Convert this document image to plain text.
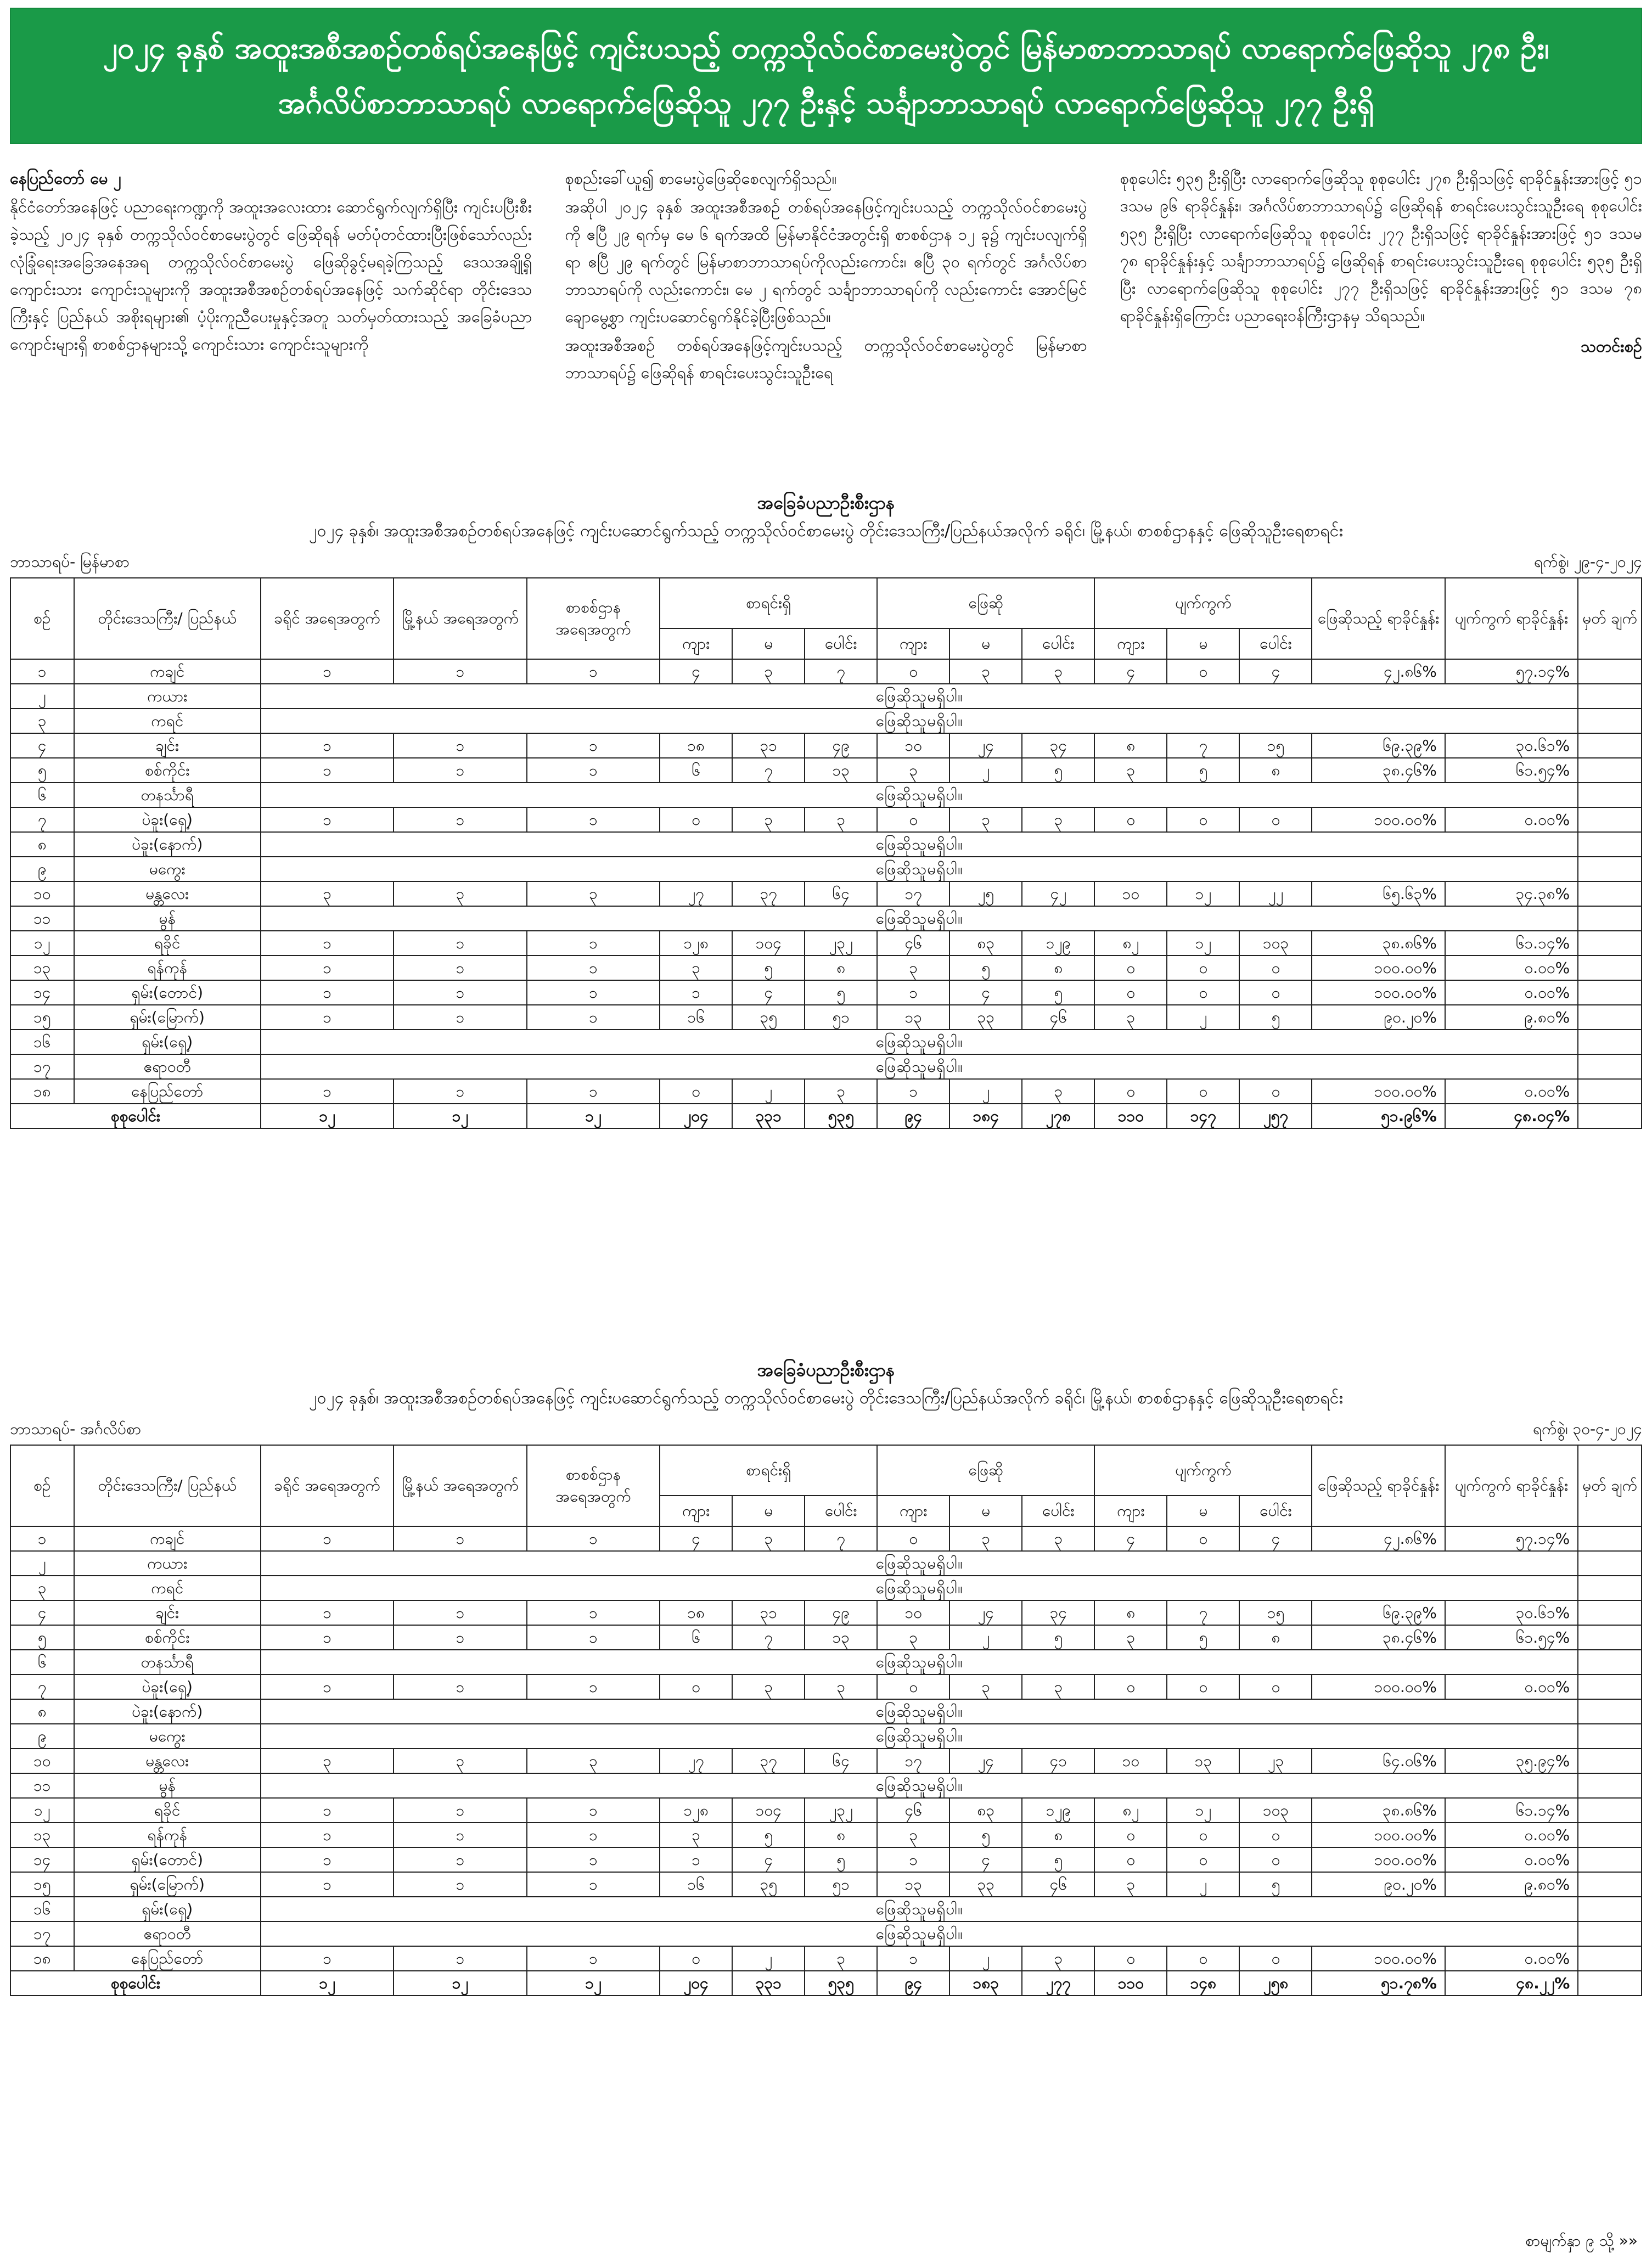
၂၀၂၄ ခုနှစ် အထူးအစီအစဉ်တစ်ရပ်အနေဖြင့် ကျင်းပသည့် တက္ကသိုလ်ဝင်စာမေးပွဲတွင် မြန်မာစာဘာသာရပ် လာရောက်ဖြေဆိုသူ ၂၇၈ ဦး၊
အင်္ဂလိပ်စာဘာသာရပ် လာရောက်ဖြေဆိုသူ ၂၇၇ ဦးနှင့် သင်္ချာဘာသာရပ် လာရောက်ဖြေဆိုသူ ၂၇၇ ဦးရှိ

နေပြည်တော် မေ ၂

နိုင်ငံတော်အနေဖြင့် ပညာရေးကဏ္ဍကို အထူးအလေးထား ဆောင်ရွက်လျက်ရှိပြီး ကျင်းပပြီးစီးခဲ့သည့် ၂၀၂၄ ခုနှစ် တက္ကသိုလ်ဝင်စာမေးပွဲတွင် ဖြေဆိုရန် မတ်ပုံတင်ထားပြီးဖြစ်သော်လည်း လုံခြုံရေးအခြေအနေအရ တက္ကသိုလ်ဝင်စာမေးပွဲ ဖြေဆိုခွင့်မရခဲ့ကြသည့် ဒေသအချို့ရှိ ကျောင်းသား ကျောင်းသူများကို အထူးအစီအစဉ်တစ်ရပ်အနေဖြင့် သက်ဆိုင်ရာ တိုင်းဒေသကြီးနှင့် ပြည်နယ် အစိုးရများ၏ ပံ့ပိုးကူညီပေးမှုနှင့်အတူ သတ်မှတ်ထားသည့် အခြေခံပညာ ကျောင်းများရှိ စာစစ်ဌာနများသို့ ကျောင်းသား ကျောင်းသူများကို

စုစည်းခေါ်ယူ၍ စာမေးပွဲဖြေဆိုစေလျက်ရှိသည်။

အဆိုပါ ၂၀၂၄ ခုနှစ် အထူးအစီအစဉ် တစ်ရပ်အနေဖြင့်ကျင်းပသည့် တက္ကသိုလ်ဝင်စာမေးပွဲကို ဧပြီ ၂၉ ရက်မှ မေ ၆ ရက်အထိ မြန်မာနိုင်ငံအတွင်းရှိ စာစစ်ဌာန ၁၂ ခု၌ ကျင်းပလျက်ရှိရာ ဧပြီ ၂၉ ရက်တွင် မြန်မာစာဘာသာရပ်ကိုလည်းကောင်း၊ ဧပြီ ၃၀ ရက်တွင် အင်္ဂလိပ်စာဘာသာရပ်ကို လည်းကောင်း၊ မေ ၂ ရက်တွင် သင်္ချာဘာသာရပ်ကို လည်းကောင်း အောင်မြင်ချောမွေ့စွာ ကျင်းပဆောင်ရွက်နိုင်ခဲ့ပြီးဖြစ်သည်။

အထူးအစီအစဉ် တစ်ရပ်အနေဖြင့်ကျင်းပသည့် တက္ကသိုလ်ဝင်စာမေးပွဲတွင် မြန်မာစာဘာသာရပ်၌ ဖြေဆိုရန် စာရင်းပေးသွင်းသူဦးရေ

စုစုပေါင်း ၅၃၅ ဦးရှိပြီး လာရောက်ဖြေဆိုသူ စုစုပေါင်း ၂၇၈ ဦးရှိသဖြင့် ရာခိုင်နှုန်းအားဖြင့် ၅၁ ဒသမ ၉၆ ရာခိုင်နှုန်း၊ အင်္ဂလိပ်စာဘာသာရပ်၌ ဖြေဆိုရန် စာရင်းပေးသွင်းသူဦးရေ စုစုပေါင်း ၅၃၅ ဦးရှိပြီး လာရောက်ဖြေဆိုသူ စုစုပေါင်း ၂၇၇ ဦးရှိသဖြင့် ရာခိုင်နှုန်းအားဖြင့် ၅၁ ဒသမ ၇၈ ရာခိုင်နှုန်းနှင့် သင်္ချာဘာသာရပ်၌ ဖြေဆိုရန် စာရင်းပေးသွင်းသူဦးရေ စုစုပေါင်း ၅၃၅ ဦးရှိပြီး လာရောက်ဖြေဆိုသူ စုစုပေါင်း ၂၇၇ ဦးရှိသဖြင့် ရာခိုင်နှုန်းအားဖြင့် ၅၁ ဒသမ ၇၈ ရာခိုင်နှုန်းရှိကြောင်း ပညာရေးဝန်ကြီးဌာနမှ သိရသည်။

သတင်းစဉ်

အခြေခံပညာဦးစီးဌာန
၂၀၂၄ ခုနှစ်၊ အထူးအစီအစဉ်တစ်ရပ်အနေဖြင့် ကျင်းပဆောင်ရွက်သည့် တက္ကသိုလ်ဝင်စာမေးပွဲ တိုင်းဒေသကြီး/ပြည်နယ်အလိုက် ခရိုင်၊ မြို့နယ်၊ စာစစ်ဌာနနှင့် ဖြေဆိုသူဦးရေစာရင်း
ဘာသာရပ်- မြန်မာစာ	ရက်စွဲ၊ ၂၉-၄-၂၀၂၄
စဉ်	တိုင်းဒေသကြီး/ ပြည်နယ်	ခရိုင် အရေအတွက်	မြို့နယ် အရေအတွက်	စာစစ်ဌာန အရေအတွက်	စာရင်းရှိ			ဖြေဆို			ပျက်ကွက်			ဖြေဆိုသည့် ရာခိုင်နှုန်း	ပျက်ကွက် ရာခိုင်နှုန်း	မှတ် ချက်
					ကျား	မ	ပေါင်း	ကျား	မ	ပေါင်း	ကျား	မ	ပေါင်း			
၁	ကချင်	၁	၁	၁	၄	၃	၇	၀	၃	၃	၄	၀	၄	၄၂.၈၆%	၅၇.၁၄%	
၂	ကယား	ဖြေဆိုသူမရှိပါ။														
၃	ကရင်	ဖြေဆိုသူမရှိပါ။														
၄	ချင်း	၁	၁	၁	၁၈	၃၁	၄၉	၁၀	၂၄	၃၄	၈	၇	၁၅	၆၉.၃၉%	၃၀.၆၁%	
၅	စစ်ကိုင်း	၁	၁	၁	၆	၇	၁၃	၃	၂	၅	၃	၅	၈	၃၈.၄၆%	၆၁.၅၄%	
၆	တနင်္သာရီ	ဖြေဆိုသူမရှိပါ။														
၇	ပဲခူး(ရှေ့)	၁	၁	၁	၀	၃	၃	၀	၃	၃	၀	၀	၀	၁၀၀.၀၀%	၀.၀၀%	
၈	ပဲခူး(နောက်)	ဖြေဆိုသူမရှိပါ။														
၉	မကွေး	ဖြေဆိုသူမရှိပါ။														
၁၀	မန္တလေး	၃	၃	၃	၂၇	၃၇	၆၄	၁၇	၂၅	၄၂	၁၀	၁၂	၂၂	၆၅.၆၃%	၃၄.၃၈%	
၁၁	မွန်	ဖြေဆိုသူမရှိပါ။														
၁၂	ရခိုင်	၁	၁	၁	၁၂၈	၁၀၄	၂၃၂	၄၆	၈၃	၁၂၉	၈၂	၁၂	၁၀၃	၃၈.၈၆%	၆၁.၁၄%	
၁၃	ရန်ကုန်	၁	၁	၁	၃	၅	၈	၃	၅	၈	၀	၀	၀	၁၀၀.၀၀%	၀.၀၀%	
၁၄	ရှမ်း(တောင်)	၁	၁	၁	၁	၄	၅	၁	၄	၅	၀	၀	၀	၁၀၀.၀၀%	၀.၀၀%	
၁၅	ရှမ်း(မြောက်)	၁	၁	၁	၁၆	၃၅	၅၁	၁၃	၃၃	၄၆	၃	၂	၅	၉၀.၂၀%	၉.၈၀%	
၁၆	ရှမ်း(ရှေ့)	ဖြေဆိုသူမရှိပါ။														
၁၇	ဧရာဝတီ	ဖြေဆိုသူမရှိပါ။														
၁၈	နေပြည်တော်	၁	၁	၁	၀	၂	၃	၁	၂	၃	၀	၀	၀	၁၀၀.၀၀%	၀.၀၀%	
စုစုပေါင်း		၁၂	၁၂	၁၂	၂၀၄	၃၃၁	၅၃၅	၉၄	၁၈၄	၂၇၈	၁၁၀	၁၄၇	၂၅၇	၅၁.၉၆%	၄၈.၀၄%	
အခြေခံပညာဦးစီးဌာန
၂၀၂၄ ခုနှစ်၊ အထူးအစီအစဉ်တစ်ရပ်အနေဖြင့် ကျင်းပဆောင်ရွက်သည့် တက္ကသိုလ်ဝင်စာမေးပွဲ တိုင်းဒေသကြီး/ပြည်နယ်အလိုက် ခရိုင်၊ မြို့နယ်၊ စာစစ်ဌာနနှင့် ဖြေဆိုသူဦးရေစာရင်း
ဘာသာရပ်- အင်္ဂလိပ်စာ	ရက်စွဲ၊ ၃၀-၄-၂၀၂၄
စဉ်	တိုင်းဒေသကြီး/ ပြည်နယ်	ခရိုင် အရေအတွက်	မြို့နယ် အရေအတွက်	စာစစ်ဌာန အရေအတွက်	စာရင်းရှိ			ဖြေဆို			ပျက်ကွက်			ဖြေဆိုသည့် ရာခိုင်နှုန်း	ပျက်ကွက် ရာခိုင်နှုန်း	မှတ် ချက်
					ကျား	မ	ပေါင်း	ကျား	မ	ပေါင်း	ကျား	မ	ပေါင်း			
၁	ကချင်	၁	၁	၁	၄	၃	၇	၀	၃	၃	၄	၀	၄	၄၂.၈၆%	၅၇.၁၄%	
၂	ကယား	ဖြေဆိုသူမရှိပါ။														
၃	ကရင်	ဖြေဆိုသူမရှိပါ။														
၄	ချင်း	၁	၁	၁	၁၈	၃၁	၄၉	၁၀	၂၄	၃၄	၈	၇	၁၅	၆၉.၃၉%	၃၀.၆၁%	
၅	စစ်ကိုင်း	၁	၁	၁	၆	၇	၁၃	၃	၂	၅	၃	၅	၈	၃၈.၄၆%	၆၁.၅၄%	
၆	တနင်္သာရီ	ဖြေဆိုသူမရှိပါ။														
၇	ပဲခူး(ရှေ့)	၁	၁	၁	၀	၃	၃	၀	၃	၃	၀	၀	၀	၁၀၀.၀၀%	၀.၀၀%	
၈	ပဲခူး(နောက်)	ဖြေဆိုသူမရှိပါ။														
၉	မကွေး	ဖြေဆိုသူမရှိပါ။														
၁၀	မန္တလေး	၃	၃	၃	၂၇	၃၇	၆၄	၁၇	၂၄	၄၁	၁၀	၁၃	၂၃	၆၄.၀၆%	၃၅.၉၄%	
၁၁	မွန်	ဖြေဆိုသူမရှိပါ။														
၁၂	ရခိုင်	၁	၁	၁	၁၂၈	၁၀၄	၂၃၂	၄၆	၈၃	၁၂၉	၈၂	၁၂	၁၀၃	၃၈.၈၆%	၆၁.၁၄%	
၁၃	ရန်ကုန်	၁	၁	၁	၃	၅	၈	၃	၅	၈	၀	၀	၀	၁၀၀.၀၀%	၀.၀၀%	
၁၄	ရှမ်း(တောင်)	၁	၁	၁	၁	၄	၅	၁	၄	၅	၀	၀	၀	၁၀၀.၀၀%	၀.၀၀%	
၁၅	ရှမ်း(မြောက်)	၁	၁	၁	၁၆	၃၅	၅၁	၁၃	၃၃	၄၆	၃	၂	၅	၉၀.၂၀%	၉.၈၀%	
၁၆	ရှမ်း(ရှေ့)	ဖြေဆိုသူမရှိပါ။														
၁၇	ဧရာဝတီ	ဖြေဆိုသူမရှိပါ။														
၁၈	နေပြည်တော်	၁	၁	၁	၀	၂	၃	၁	၂	၃	၀	၀	၀	၁၀၀.၀၀%	၀.၀၀%	
စုစုပေါင်း		၁၂	၁၂	၁၂	၂၀၄	၃၃၁	၅၃၅	၉၄	၁၈၃	၂၇၇	၁၁၀	၁၄၈	၂၅၈	၅၁.၇၈%	၄၈.၂၂%	
စာမျက်နှာ ၉ သို့ »»
